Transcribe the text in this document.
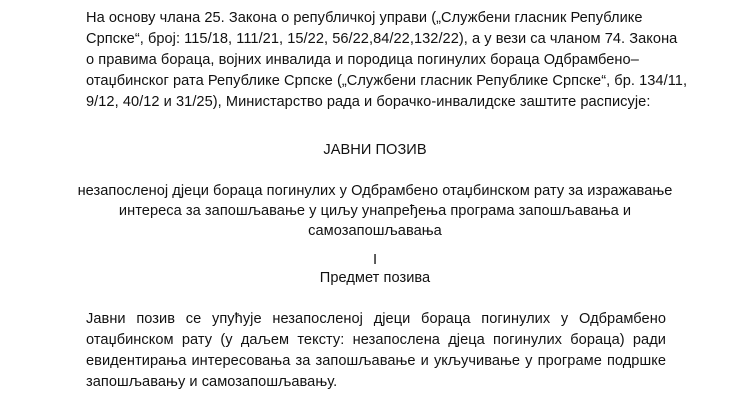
На основу члана 25. Закона о републичкој управи („Службени гласник Републике
Српске“, број: 115/18, 111/21, 15/22, 56/22,84/22,132/22), а у вези са чланом 74. Закона
о правима бораца, војних инвалида и породица погинулих бораца Одбрамбено–
отаџбинског рата Републике Српске („Службени гласник Републике Српске“, бр. 134/11,
9/12, 40/12 и 31/25), Министарство рада и борачко-инвалидске заштите расписује:
ЈАВНИ ПОЗИВ
незапосленој дјеци бораца погинулих у Одбрамбено отаџбинском рату за изражавање
интереса за запошљавање у циљу унапређења програма запошљавања и
самозапошљавања
I
Предмет позива
Јавни позив се упућује незапосленој дјеци бораца погинулих у Одбрамбено
отаџбинском рату (у даљем тексту: незапослена дјеца погинулих бораца) ради
евидентирања интересовања за запошљавање и укључивање у програме подршке
запошљавању и самозапошљавању.
